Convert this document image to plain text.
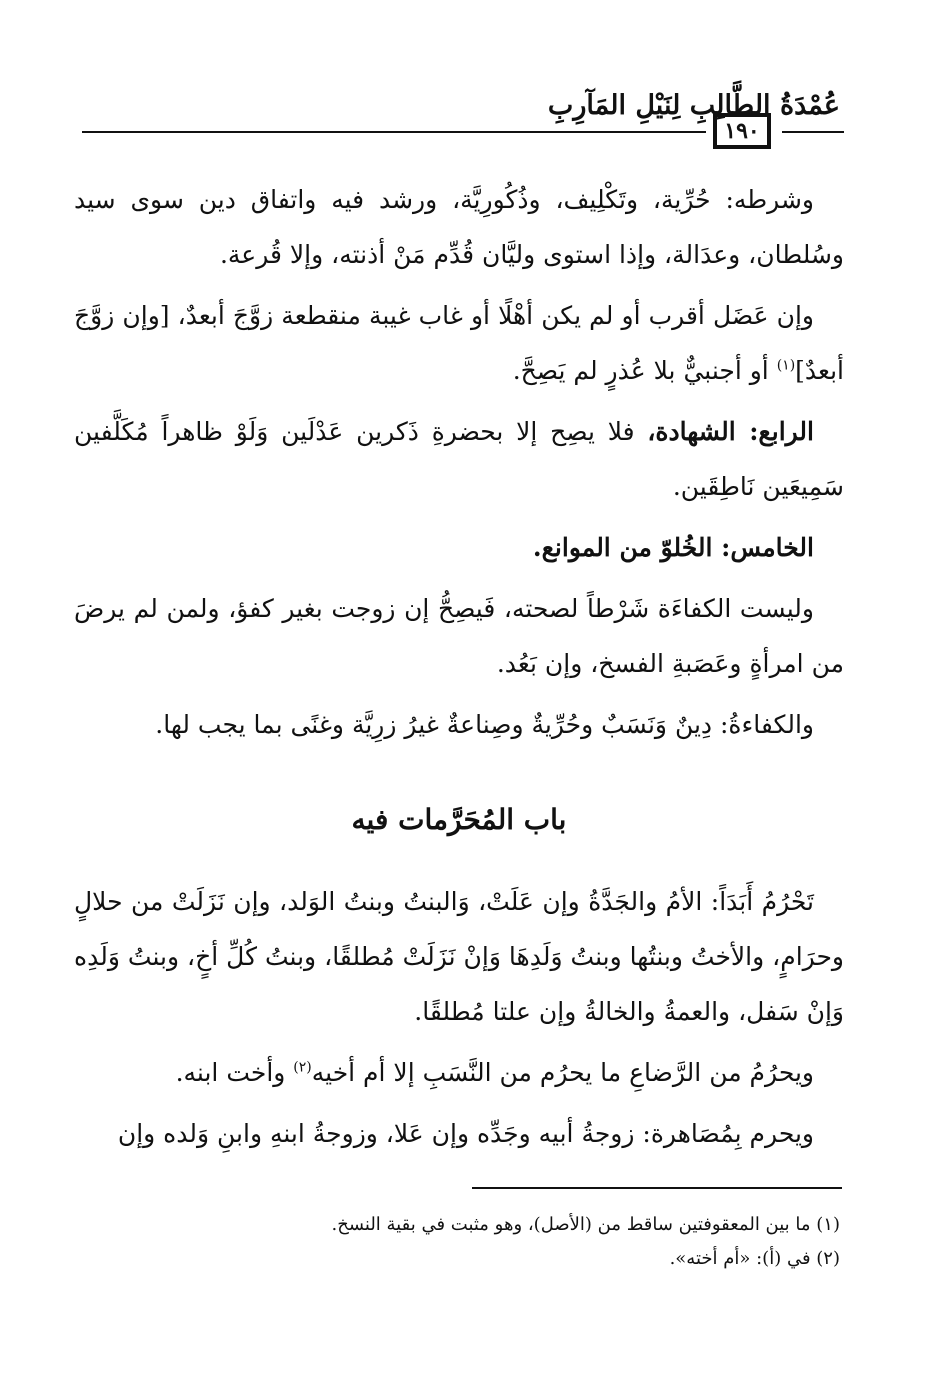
عُمْدَةُ الطَّالِبِ لِنَيْلِ المَآرِبِ
١٩٠

وشرطه: حُرِّية، وتَكْلِيف، وذُكُورِيَّة، ورشد فيه واتفاق دين سوى سيد وسُلطان، وعدَالة، وإذا استوى وليَّان قُدِّم مَنْ أذنته، وإلا قُرعة.

وإن عَضَل أقرب أو لم يكن أهْلًا أو غاب غيبة منقطعة زوَّجَ أبعدٌ، [وإن زوَّجَ أبعدٌ]$^{(١)}$ أو أجنبيٌّ بلا عُذرٍ لم يَصِحَّ.

الرابع: الشهادة، فلا يصِح إلا بحضرةِ ذَكرين عَدْلَين وَلَوْ ظاهراً مُكَلَّفين سَمِيعَين نَاطِقَين.

الخامس: الخُلوّ من الموانع.

وليست الكفاءَة شَرْطاً لصحته، فَيصِحُّ إن زوجت بغير كفؤ، ولمن لم يرضَ من امرأةٍ وعَصَبةِ الفسخ، وإن بَعُد.

والكفاءةُ: دِينٌ وَنَسَبٌ وحُرِّيةٌ وصِناعةٌ غيرُ زرِيَّة وغنًى بما يجب لها.

باب المُحَرَّمات فيه

تَحْرُمُ أَبَدَاً: الأمُ والجَدَّةُ وإن عَلَتْ، وَالبنتُ وبنتُ الوَلد، وإن نَزَلَتْ من حلالٍ وحرَامٍ، والأختُ وبنتُها وبنتُ وَلَدِهَا وَإنْ نَزَلَتْ مُطلقًا، وبنتُ كُلِّ أخٍ، وبنتُ وَلَدِه وَإنْ سَفل، والعمةُ والخالةُ وإن علتا مُطلقًا.

ويحرُمُ من الرَّضاعِ ما يحرُم من النَّسَبِ إلا أم أخيه$^{(٢)}$ وأخت ابنه.

ويحرم بِمُصَاهرة: زوجةُ أبيه وجَدِّه وإن عَلا، وزوجةُ ابنهِ وابنِ وَلده وإن

(١) ما بين المعقوفتين ساقط من (الأصل)، وهو مثبت في بقية النسخ.

(٢) في (أ): «أم أخته».
